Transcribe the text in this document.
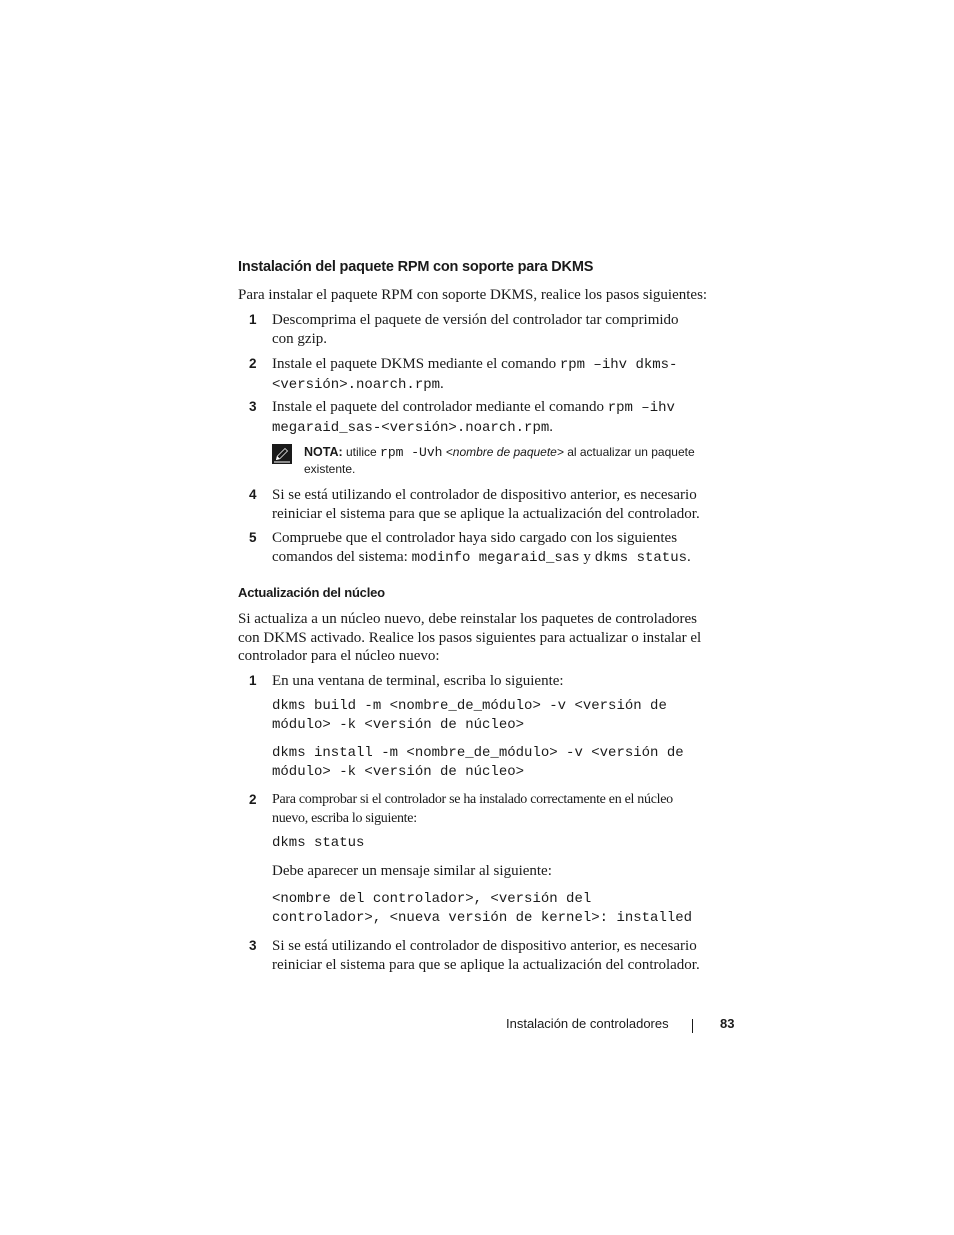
Instalación del paquete RPM con soporte para DKMS
Para instalar el paquete RPM con soporte DKMS, realice los pasos siguientes:
1 Descomprima el paquete de versión del controlador tar comprimido
con gzip.
2 Instale el paquete DKMS mediante el comando rpm –ihv dkms-
<versión>.noarch.rpm.
3 Instale el paquete del controlador mediante el comando rpm –ihv
megaraid_sas-<versión>.noarch.rpm.
NOTA: utilice rpm -Uvh <nombre de paquete> al actualizar un paquete
existente.
4 Si se está utilizando el controlador de dispositivo anterior, es necesario
reiniciar el sistema para que se aplique la actualización del controlador.
5 Compruebe que el controlador haya sido cargado con los siguientes
comandos del sistema: modinfo megaraid_sas y dkms status.
Actualización del núcleo
Si actualiza a un núcleo nuevo, debe reinstalar los paquetes de controladores
con DKMS activado. Realice los pasos siguientes para actualizar o instalar el
controlador para el núcleo nuevo:
1 En una ventana de terminal, escriba lo siguiente:
dkms build -m <nombre_de_módulo> -v <versión de
módulo> -k <versión de núcleo>
dkms install -m <nombre_de_módulo> -v <versión de
módulo> -k <versión de núcleo>
2 Para comprobar si el controlador se ha instalado correctamente en el núcleo
nuevo, escriba lo siguiente:
dkms status
Debe aparecer un mensaje similar al siguiente:
<nombre del controlador>, <versión del
controlador>, <nueva versión de kernel>: installed
3 Si se está utilizando el controlador de dispositivo anterior, es necesario
reiniciar el sistema para que se aplique la actualización del controlador.
Instalación de controladores	83
